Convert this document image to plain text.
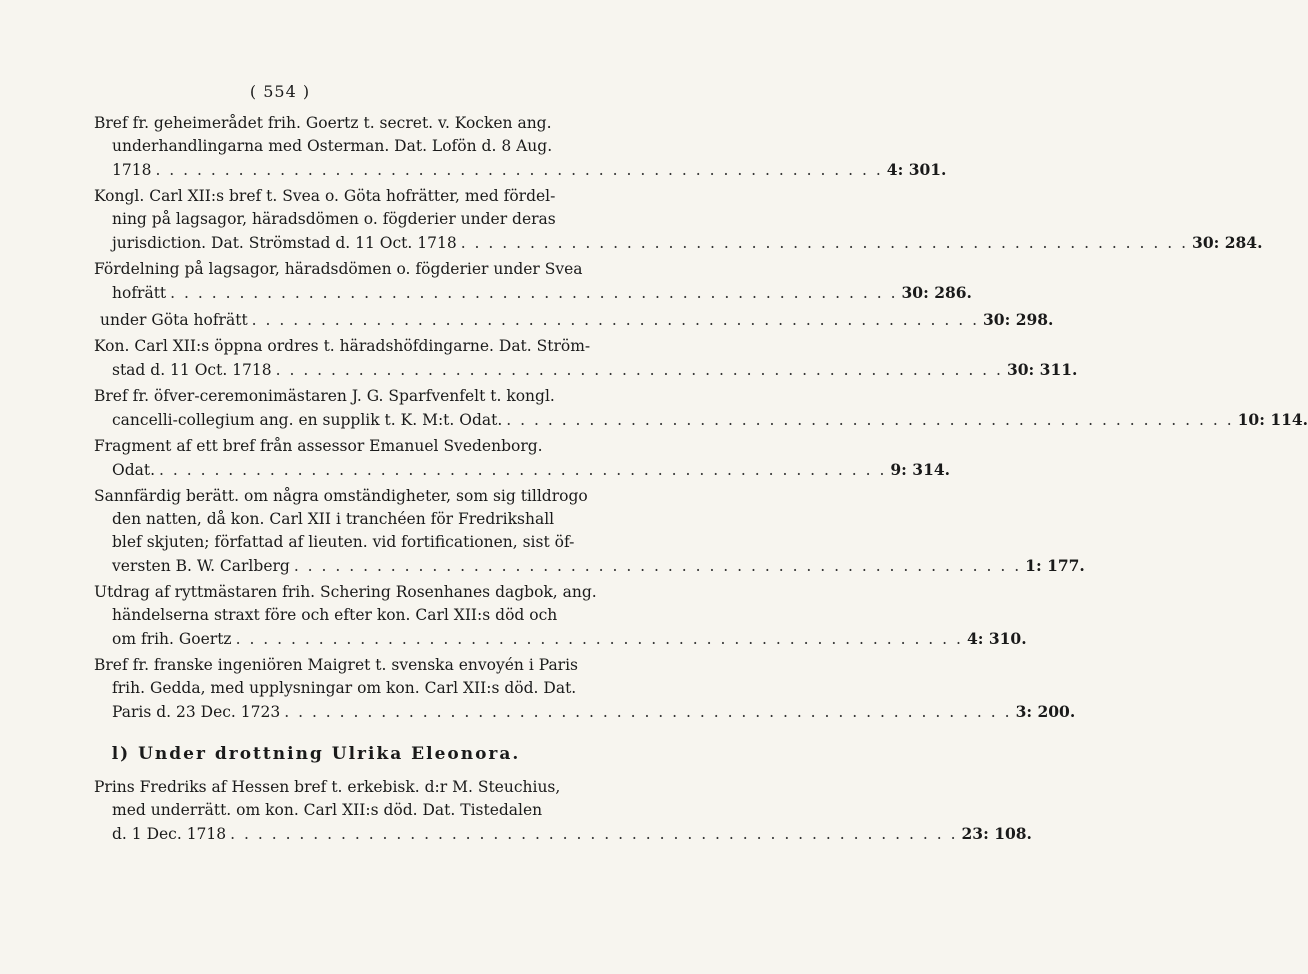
( 554 )
Bref fr. geheimerådet frih. Goertz t. secret. v. Kocken ang.
underhandlingarna med Osterman. Dat. Lofön d. 8 Aug.
1718 . . .	4: 301.
Kongl. Carl XII:s bref t. Svea o. Göta hofrätter, med fördel-
ning på lagsagor, häradsdömen o. fögderier under deras
jurisdiction. Dat. Strömstad d. 11 Oct. 1718 . . .	30: 284.
Fördelning på lagsagor, häradsdömen o. fögderier under Svea
hofrätt . . .	30: 286.
under Göta hofrätt . . .	30: 298.
Kon. Carl XII:s öppna ordres t. häradshöfdingarne. Dat. Ström-
stad d. 11 Oct. 1718 . . .	30: 311.
Bref fr. öfver-ceremonimästaren J. G. Sparfvenfelt t. kongl.
cancelli-collegium ang. en supplik t. K. M:t. Odat. . . .	10: 114.
Fragment af ett bref från assessor Emanuel Svedenborg.
Odat. . . .	9: 314.
Sannfärdig berätt. om några omständigheter, som sig tilldrogo
den natten, då kon. Carl XII i tranchéen för Fredrikshall
blef skjuten; författad af lieuten. vid fortificationen, sist öf-
versten B. W. Carlberg . . .	1: 177.
Utdrag af ryttmästaren frih. Schering Rosenhanes dagbok, ang.
händelserna straxt före och efter kon. Carl XII:s död och
om frih. Goertz . . .	4: 310.
Bref fr. franske ingeniören Maigret t. svenska envoyén i Paris
frih. Gedda, med upplysningar om kon. Carl XII:s död. Dat.
Paris d. 23 Dec. 1723 . . .	3: 200.
l) Under drottning Ulrika Eleonora.
Prins Fredriks af Hessen bref t. erkebisk. d:r M. Steuchius,
med underrätt. om kon. Carl XII:s död. Dat. Tistedalen
d. 1 Dec. 1718 . . .	23: 108.
